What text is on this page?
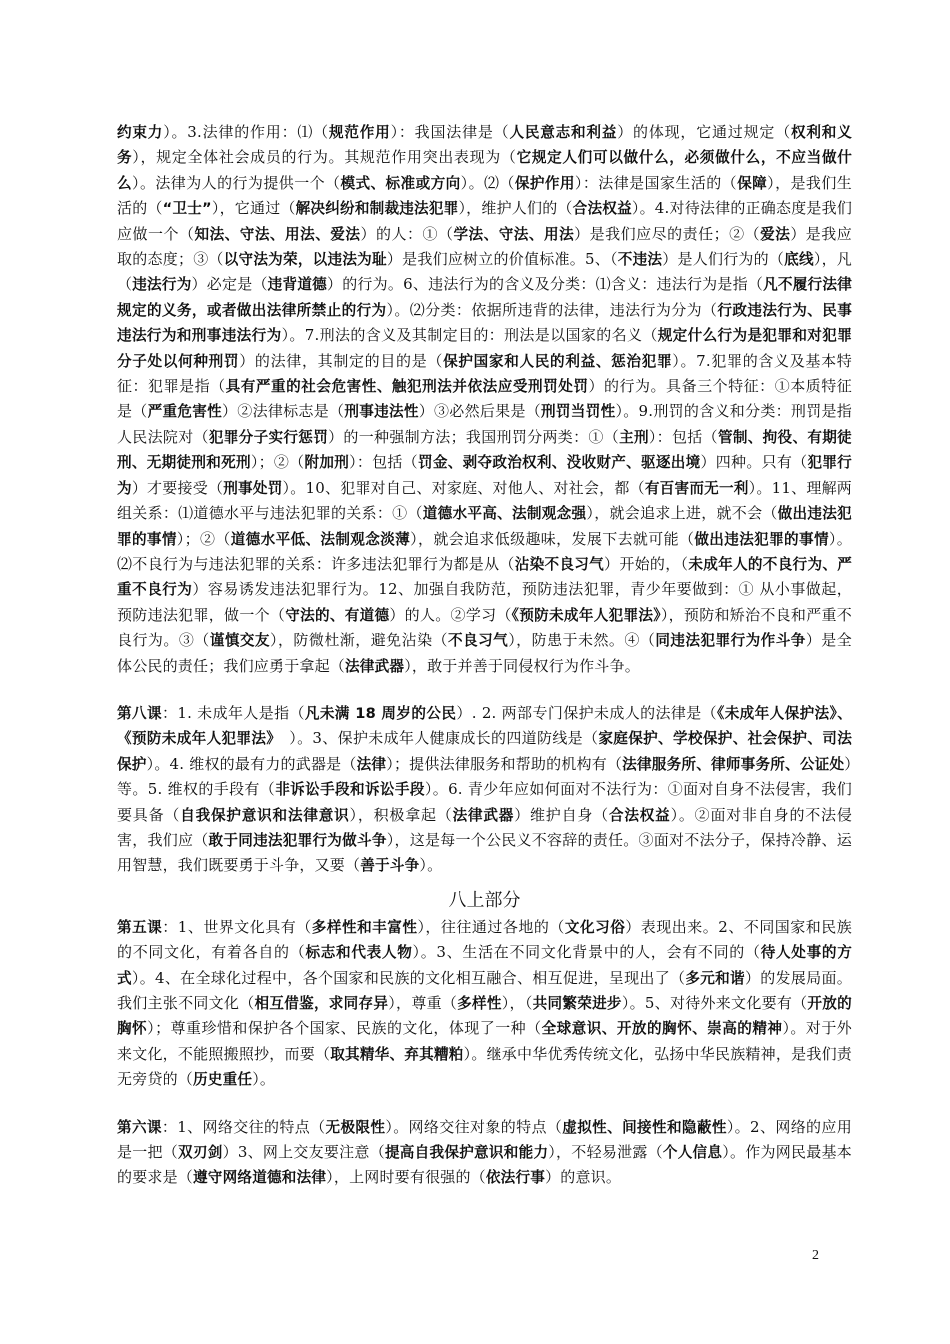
约束力）。3.法律的作用：⑴（规范作用）：我国法律是（人民意志和利益）的体现，它通过规定（权利和义务），规定全体社会成员的行为。其规范作用突出表现为（它规定人们可以做什么，必须做什么，不应当做什么）。法律为人的行为提供一个（模式、标准或方向）。⑵（保护作用）：法律是国家生活的（保障），是我们生活的（“卫士”），它通过（解决纠纷和制裁违法犯罪），维护人们的（合法权益）。4.对待法律的正确态度是我们应做一个（知法、守法、用法、爱法）的人：①（学法、守法、用法）是我们应尽的责任；②（爱法）是我应取的态度；③（以守法为荣，以违法为耻）是我们应树立的价值标准。5、（不违法）是人们行为的（底线），凡（违法行为）必定是（违背道德）的行为。6、违法行为的含义及分类：⑴含义：违法行为是指（凡不履行法律规定的义务，或者做出法律所禁止的行为）。⑵分类：依据所违背的法律，违法行为分为（行政违法行为、民事违法行为和刑事违法行为）。7.刑法的含义及其制定目的：刑法是以国家的名义（规定什么行为是犯罪和对犯罪分子处以何种刑罚）的法律，其制定的目的是（保护国家和人民的利益、惩治犯罪）。7.犯罪的含义及基本特征：犯罪是指（具有严重的社会危害性、触犯刑法并依法应受刑罚处罚）的行为。具备三个特征：①本质特征是（严重危害性）②法律标志是（刑事违法性）③必然后果是（刑罚当罚性）。9.刑罚的含义和分类：刑罚是指人民法院对（犯罪分子实行惩罚）的一种强制方法；我国刑罚分两类：①（主刑）：包括（管制、拘役、有期徒刑、无期徒刑和死刑）；②（附加刑）：包括（罚金、剥夺政治权利、没收财产、驱逐出境）四种。只有（犯罪行为）才要接受（刑事处罚）。10、犯罪对自己、对家庭、对他人、对社会，都（有百害而无一利）。11、理解两组关系：⑴道德水平与违法犯罪的关系：①（道德水平高、法制观念强），就会追求上进，就不会（做出违法犯罪的事情）；②（道德水平低、法制观念淡薄），就会追求低级趣味，发展下去就可能（做出违法犯罪的事情）。⑵不良行为与违法犯罪的关系：许多违法犯罪行为都是从（沾染不良习气）开始的，（未成年人的不良行为、严重不良行为）容易诱发违法犯罪行为。12、加强自我防范，预防违法犯罪，青少年要做到：① 从小事做起，预防违法犯罪，做一个（守法的、有道德）的人。②学习（《预防未成年人犯罪法》），预防和矫治不良和严重不良行为。③（谨慎交友），防微杜渐，避免沾染（不良习气），防患于未然。④（同违法犯罪行为作斗争）是全体公民的责任；我们应勇于拿起（法律武器），敢于并善于同侵权行为作斗争。

第八课：1. 未成年人是指（凡未满 18 周岁的公民）. 2. 两部专门保护未成人的法律是（《未成年人保护法》、《预防未成年人犯罪法》　）。3、保护未成年人健康成长的四道防线是（家庭保护、学校保护、社会保护、司法保护）。4. 维权的最有力的武器是（法律）；提供法律服务和帮助的机构有（法律服务所、律师事务所、公证处）等。5. 维权的手段有（非诉讼手段和诉讼手段）。6. 青少年应如何面对不法行为：①面对自身不法侵害，我们要具备（自我保护意识和法律意识），积极拿起（法律武器）维护自身（合法权益）。②面对非自身的不法侵害，我们应（敢于同违法犯罪行为做斗争），这是每一个公民义不容辞的责任。③面对不法分子，保持冷静、运用智慧，我们既要勇于斗争，又要（善于斗争）。

八上部分

第五课：1、世界文化具有（多样性和丰富性），往往通过各地的（文化习俗）表现出来。2、不同国家和民族的不同文化，有着各自的（标志和代表人物）。3、生活在不同文化背景中的人，会有不同的（待人处事的方式）。4、在全球化过程中，各个国家和民族的文化相互融合、相互促进，呈现出了（多元和谐）的发展局面。我们主张不同文化（相互借鉴，求同存异），尊重（多样性），（共同繁荣进步）。5、对待外来文化要有（开放的胸怀）；尊重珍惜和保护各个国家、民族的文化，体现了一种（全球意识、开放的胸怀、崇高的精神）。对于外来文化，不能照搬照抄，而要（取其精华、弃其糟粕）。继承中华优秀传统文化，弘扬中华民族精神，是我们责无旁贷的（历史重任）。

第六课：1、网络交往的特点（无极限性）。网络交往对象的特点（虚拟性、间接性和隐蔽性）。2、网络的应用是一把（双刃剑）3、网上交友要注意（提高自我保护意识和能力），不轻易泄露（个人信息）。作为网民最基本的要求是（遵守网络道德和法律），上网时要有很强的（依法行事）的意识。

2
